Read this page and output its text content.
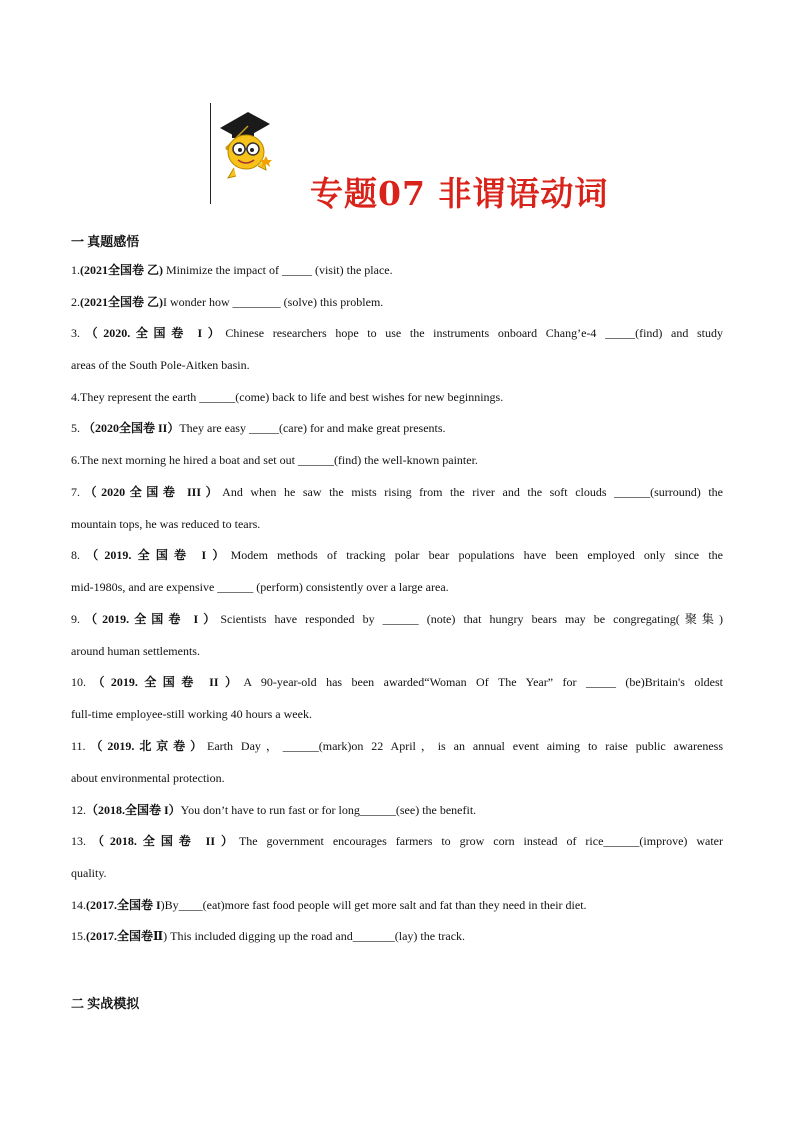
专题07 非谓语动词
一 真题感悟
1.(2021全国卷 乙) Minimize the impact of _____ (visit) the place.
2.(2021全国卷 乙)I wonder how ________ (solve) this problem.
3.（2020.全国卷 I）Chinese researchers hope to use the instruments onboard Chang’e-4 _____(find) and study
areas of the South Pole-Aitken basin.
4.They represent the earth ______(come) back to life and best wishes for new beginnings.
5. （2020全国卷 II）They are easy _____(care) for and make great presents.
6.The next morning he hired a boat and set out ______(find) the well-known painter.
7.（2020全国卷 III）And when he saw the mists rising from the river and the soft clouds ______(surround) the
mountain tops, he was reduced to tears.
8.（2019.全国卷 I）Modem methods of tracking polar bear populations have been employed only since the
mid-1980s, and are expensive ______ (perform) consistently over a large area.
9.（2019.全国卷 I）Scientists have responded by ______ (note) that hungry bears may be congregating(聚集)
around human settlements.
10.（2019.全国卷 II）A 90-year-old has been awarded“Woman Of The Year” for _____ (be)Britain's oldest
full-time employee-still working 40 hours a week.
11.（2019.北京卷）Earth Day，______(mark)on 22 April，is an annual event aiming to raise public awareness
about environmental protection.
12.（2018.全国卷 I）You don’t have to run fast or for long______(see) the benefit.
13.（2018.全国卷 II）The government encourages farmers to grow corn instead of rice______(improve) water
quality.
14.(2017.全国卷 I)By____(eat)more fast food people will get more salt and fat than they need in their diet.
15.(2017.全国卷Ⅱ) This included digging up the road and_______(lay) the track.
二 实战模拟
